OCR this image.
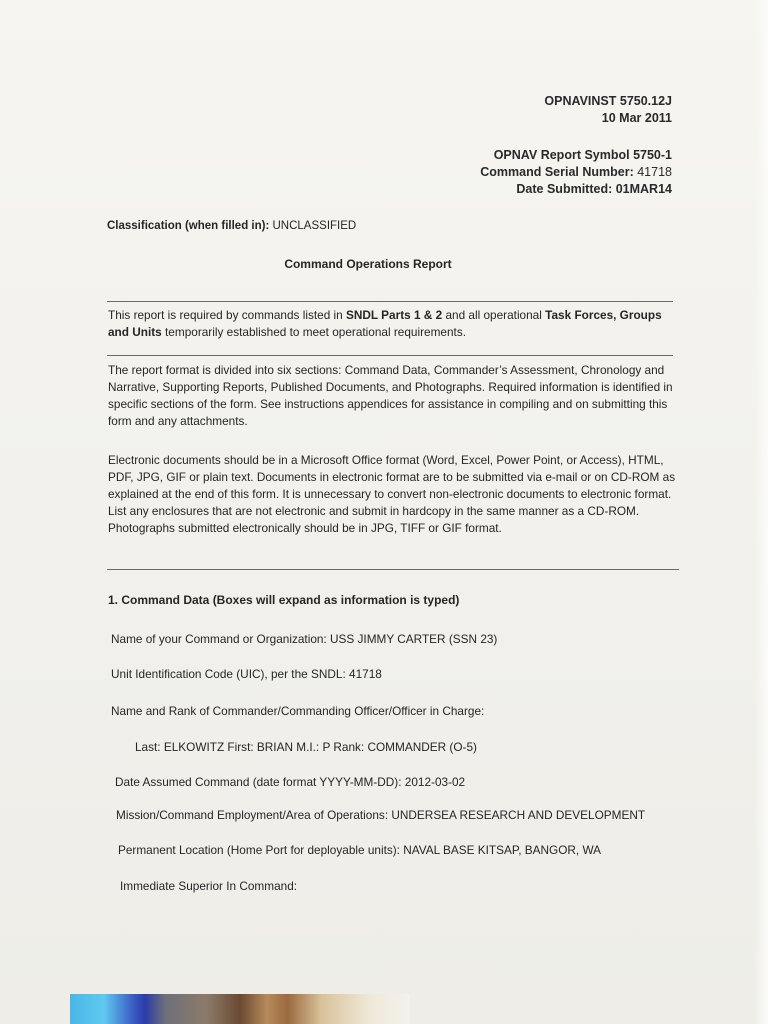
OPNAVINST 5750.12J
10 Mar 2011
OPNAV Report Symbol 5750-1
Command Serial Number: 41718
Date Submitted: 01MAR14
Classification (when filled in): UNCLASSIFIED
Command Operations Report
This report is required by commands listed in SNDL Parts 1 & 2 and all operational Task Forces, Groups and Units temporarily established to meet operational requirements.
The report format is divided into six sections: Command Data, Commander’s Assessment, Chronology and Narrative, Supporting Reports, Published Documents, and Photographs. Required information is identified in specific sections of the form. See instructions appendices for assistance in compiling and on submitting this form and any attachments.
Electronic documents should be in a Microsoft Office format (Word, Excel, Power Point, or Access), HTML, PDF, JPG, GIF or plain text. Documents in electronic format are to be submitted via e-mail or on CD-ROM as explained at the end of this form. It is unnecessary to convert non-electronic documents to electronic format. List any enclosures that are not electronic and submit in hardcopy in the same manner as a CD-ROM. Photographs submitted electronically should be in JPG, TIFF or GIF format.
1. Command Data (Boxes will expand as information is typed)
Name of your Command or Organization: USS JIMMY CARTER (SSN 23)
Unit Identification Code (UIC), per the SNDL: 41718
Name and Rank of Commander/Commanding Officer/Officer in Charge:
Last: ELKOWITZ First: BRIAN M.I.: P Rank: COMMANDER (O-5)
Date Assumed Command (date format YYYY-MM-DD): 2012-03-02
Mission/Command Employment/Area of Operations: UNDERSEA RESEARCH AND DEVELOPMENT
Permanent Location (Home Port for deployable units): NAVAL BASE KITSAP, BANGOR, WA
Immediate Superior In Command:
